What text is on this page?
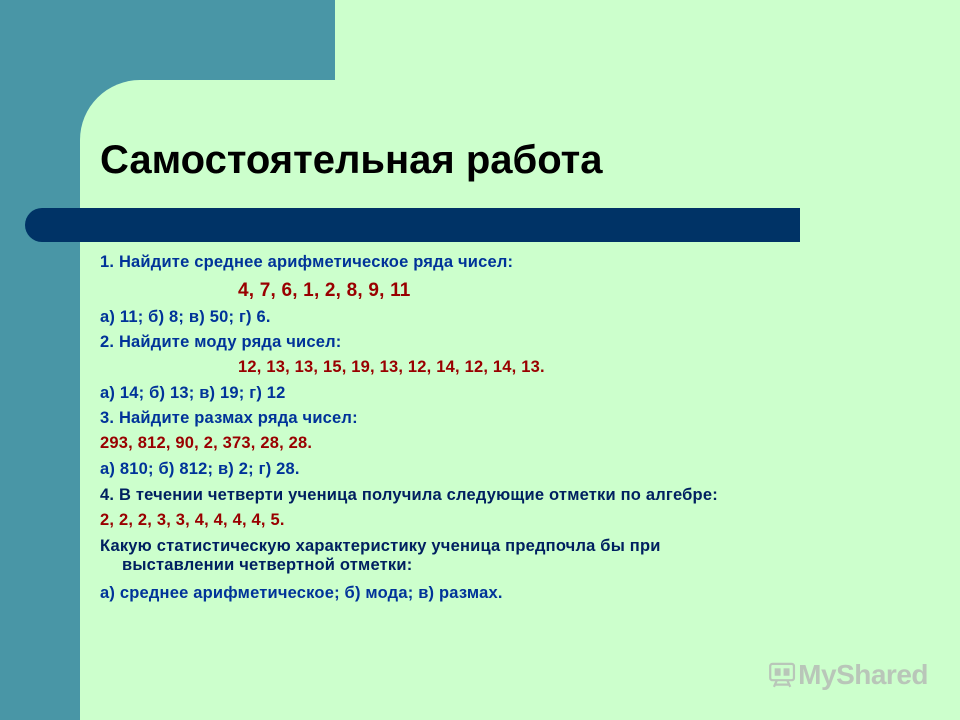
Самостоятельная работа
1. Найдите среднее арифметическое ряда чисел:
4, 7, 6, 1, 2, 8, 9, 11
а) 11; б) 8; в) 50; г) 6.
2. Найдите моду ряда чисел:
12, 13, 13, 15, 19, 13, 12, 14, 12, 14, 13.
а) 14; б) 13; в) 19; г) 12
3. Найдите размах ряда чисел:
293, 812, 90, 2, 373, 28, 28.
а) 810; б) 812; в) 2; г) 28.
4. В течении четверти ученица получила следующие отметки по алгебре:
2, 2, 2, 3, 3, 4, 4, 4, 4, 5.
Какую статистическую характеристику ученица предпочла бы при
выставлении четвертной отметки:
а) среднее арифметическое; б) мода; в) размах.
MyShared
